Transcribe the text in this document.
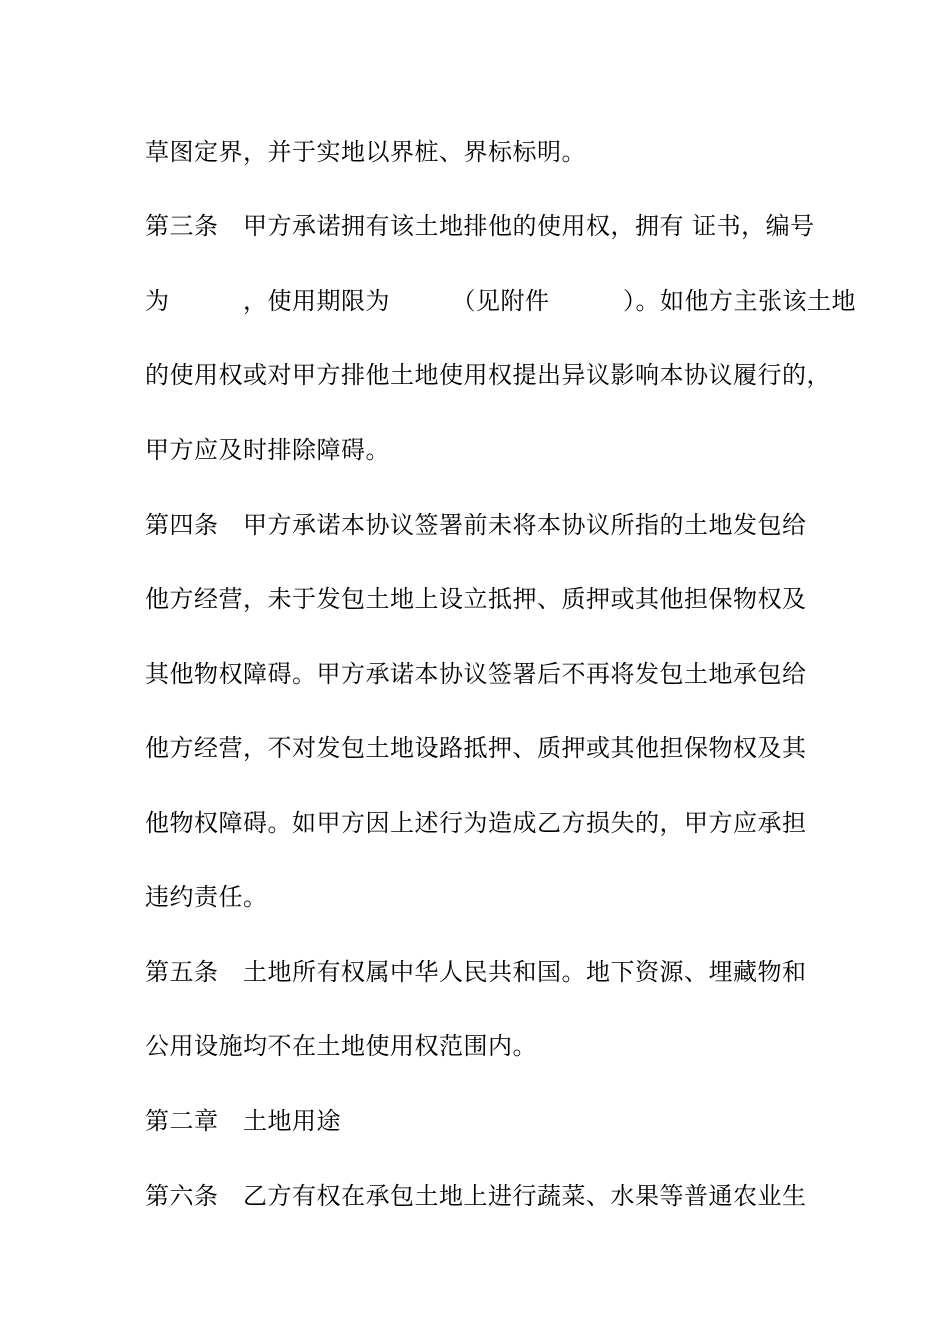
草图定界，并于实地以界桩、界标标明。
第三条　甲方承诺拥有该土地排他的使用权，拥有 证书，编号
为　　　，使用期限为　　　（见附件　　　）。如他方主张该土地
的使用权或对甲方排他土地使用权提出异议影响本协议履行的，
甲方应及时排除障碍。
第四条　甲方承诺本协议签署前未将本协议所指的土地发包给
他方经营，未于发包土地上设立抵押、质押或其他担保物权及
其他物权障碍。甲方承诺本协议签署后不再将发包土地承包给
他方经营，不对发包土地设路抵押、质押或其他担保物权及其
他物权障碍。如甲方因上述行为造成乙方损失的，甲方应承担
违约责任。
第五条　土地所有权属中华人民共和国。地下资源、埋藏物和
公用设施均不在土地使用权范围内。
第二章　土地用途
第六条　乙方有权在承包土地上进行蔬菜、水果等普通农业生
